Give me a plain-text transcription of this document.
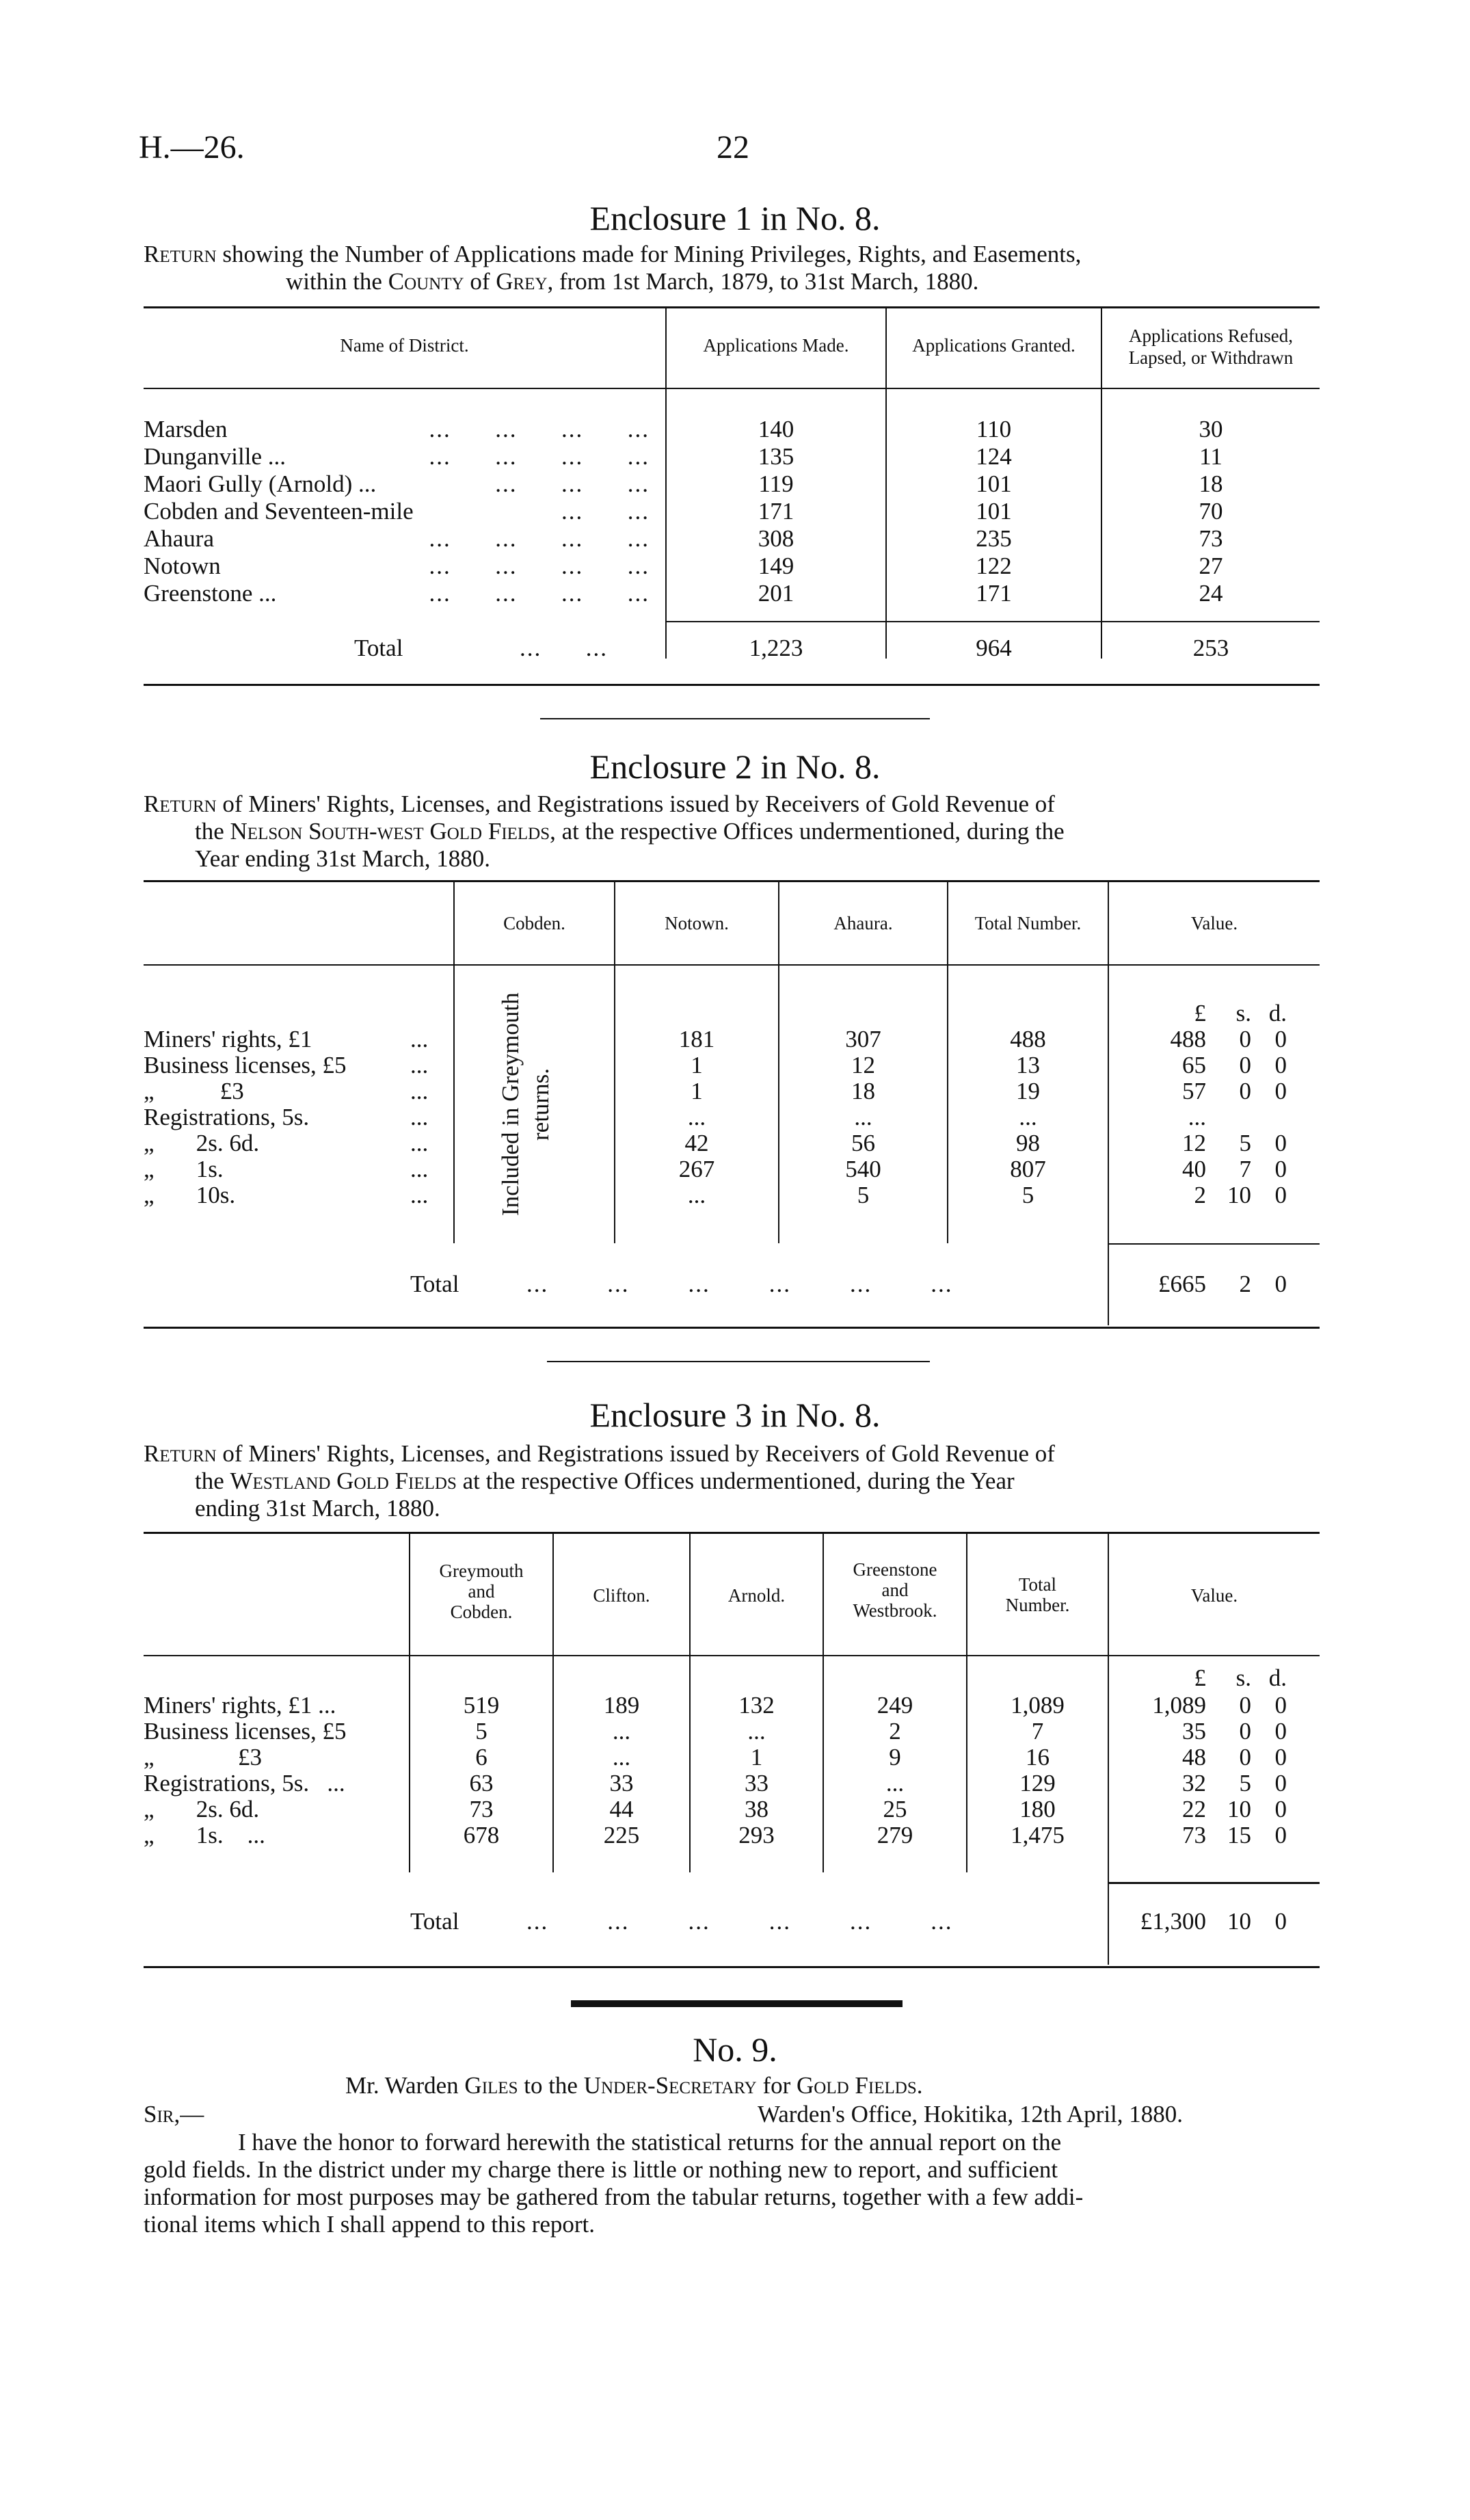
H.—26.	22
Enclosure 1 in No. 8.
Return showing the Number of Applications made for Mining Privileges, Rights, and Easements,
within the County of Grey, from 1st March, 1879, to 31st March, 1880.
Name of District.	Applications Made.	Applications Granted.	Applications Refused,
Lapsed, or Withdrawn
Marsden	...      ...      ...      ...	140	110	30
Dunganville ...	...      ...      ...      ...	135	124	11
Maori Gully (Arnold) ...	...      ...      ...	119	101	18
Cobden and Seventeen-mile	...      ...	171	101	70
Ahaura	...      ...      ...      ...	308	235	73
Notown	...      ...      ...      ...	149	122	27
Greenstone ...	...      ...      ...      ...	201	171	24
Total	...      ...	1,223	964	253
Enclosure 2 in No. 8.
Return of Miners' Rights, Licenses, and Registrations issued by Receivers of Gold Revenue of
the Nelson South-west Gold Fields, at the respective Offices undermentioned, during the
Year ending 31st March, 1880.
Cobden.	Notown.	Ahaura.	Total Number.	Value.
Included in Greymouth returns.
£	s. d.
Miners' rights, £1	...	181	307	488	488	0 0
Business licenses, £5	...	1	12	13	65	0 0
„           £3	...	1	18	19	57	0 0
Registrations, 5s.	...	...	...	...	...
„       2s. 6d.	...	42	56	98	12	5 0
„       1s.	...	267	540	807	40	7 0
„       10s.	...	...	5	5	2 10 0
Total	...        ...        ...        ...        ...        ...	£665	2 0
Enclosure 3 in No. 8.
Return of Miners' Rights, Licenses, and Registrations issued by Receivers of Gold Revenue of
the Westland Gold Fields at the respective Offices undermentioned, during the Year
ending 31st March, 1880.
Greymouth
and
Cobden.
Clifton.	Arnold.
Greenstone
and
Westbrook.
Total
Number.	Value.
£	s. d.
Miners' rights, £1 ...	519	189	132	249	1,089	1,089	0 0
Business licenses, £5	5	...	...	2	7	35	0 0
„              £3	6	...	1	9	16	48	0 0
Registrations, 5s.   ...	63	33	33	...	129	32	5 0
„       2s. 6d.	73	44	38	25	180	22 10 0
„       1s.    ...	678	225	293	279	1,475	73 15 0
Total	...        ...        ...        ...        ...        ...	£1,300 10 0
No. 9.
Mr. Warden Giles to the Under-Secretary for Gold Fields.
Sir,—	Warden's Office, Hokitika, 12th April, 1880.
I have the honor to forward herewith the statistical returns for the annual report on the
gold fields. In the district under my charge there is little or nothing new to report, and sufficient
information for most purposes may be gathered from the tabular returns, together with a few addi-
tional items which I shall append to this report.
